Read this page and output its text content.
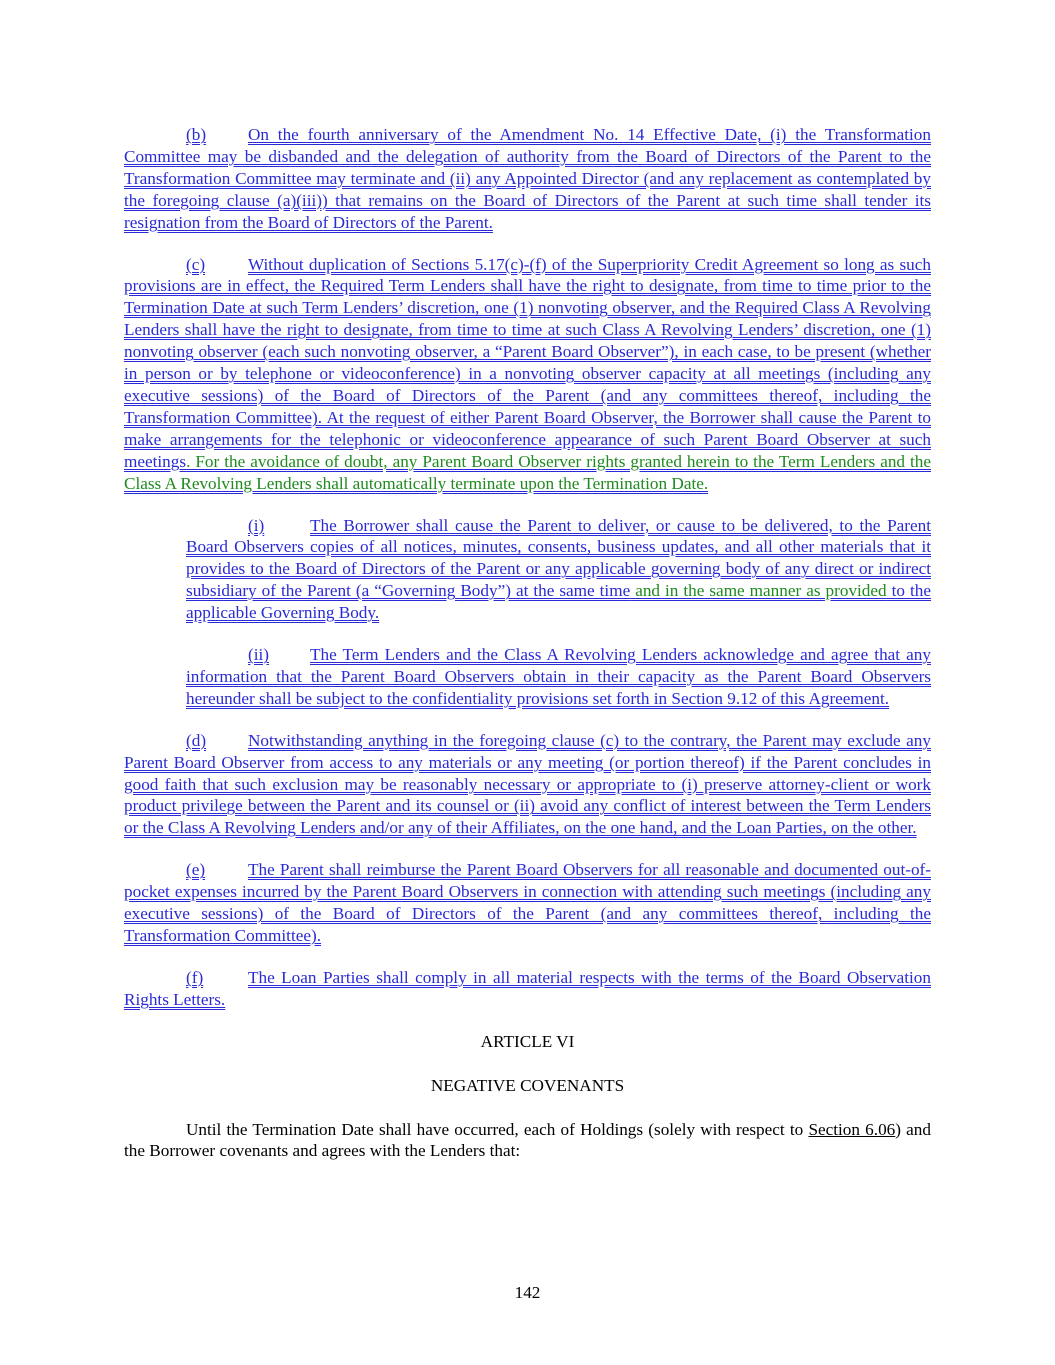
(b) On the fourth anniversary of the Amendment No. 14 Effective Date, (i) the Transformation Committee may be disbanded and the delegation of authority from the Board of Directors of the Parent to the Transformation Committee may terminate and (ii) any Appointed Director (and any replacement as contemplated by the foregoing clause (a)(iii)) that remains on the Board of Directors of the Parent at such time shall tender its resignation from the Board of Directors of the Parent.

(c) Without duplication of Sections 5.17(c)-(f) of the Superpriority Credit Agreement so long as such provisions are in effect, the Required Term Lenders shall have the right to designate, from time to time prior to the Termination Date at such Term Lenders’ discretion, one (1) nonvoting observer, and the Required Class A Revolving Lenders shall have the right to designate, from time to time at such Class A Revolving Lenders’ discretion, one (1) nonvoting observer (each such nonvoting observer, a “Parent Board Observer”), in each case, to be present (whether in person or by telephone or videoconference) in a nonvoting observer capacity at all meetings (including any executive sessions) of the Board of Directors of the Parent (and any committees thereof, including the Transformation Committee). At the request of either Parent Board Observer, the Borrower shall cause the Parent to make arrangements for the telephonic or videoconference appearance of such Parent Board Observer at such meetings. For the avoidance of doubt, any Parent Board Observer rights granted herein to the Term Lenders and the Class A Revolving Lenders shall automatically terminate upon the Termination Date.

(i)	The Borrower shall cause the Parent to deliver, or cause to be delivered, to the Parent Board Observers copies of all notices, minutes, consents, business updates, and all other materials that it provides to the Board of Directors of the Parent or any applicable governing body of any direct or indirect subsidiary of the Parent (a “Governing Body”) at the same time and in the same manner as provided to the applicable Governing Body.

(ii) The Term Lenders and the Class A Revolving Lenders acknowledge and agree that any information that the Parent Board Observers obtain in their capacity as the Parent Board Observers hereunder shall be subject to the confidentiality provisions set forth in Section 9.12 of this Agreement.

(d) Notwithstanding anything in the foregoing clause (c) to the contrary, the Parent may exclude any Parent Board Observer from access to any materials or any meeting (or portion thereof) if the Parent concludes in good faith that such exclusion may be reasonably necessary or appropriate to (i) preserve attorney-client or work product privilege between the Parent and its counsel or (ii) avoid any conflict of interest between the Term Lenders or the Class A Revolving Lenders and/or any of their Affiliates, on the one hand, and the Loan Parties, on the other.

(e) The Parent shall reimburse the Parent Board Observers for all reasonable and documented out-of-pocket expenses incurred by the Parent Board Observers in connection with attending such meetings (including any executive sessions) of the Board of Directors of the Parent (and any committees thereof, including the Transformation Committee).

(f)	The Loan Parties shall comply in all material respects with the terms of the Board Observation Rights Letters.

ARTICLE VI

NEGATIVE COVENANTS

Until the Termination Date shall have occurred, each of Holdings (solely with respect to Section 6.06) and the Borrower covenants and agrees with the Lenders that:

142
